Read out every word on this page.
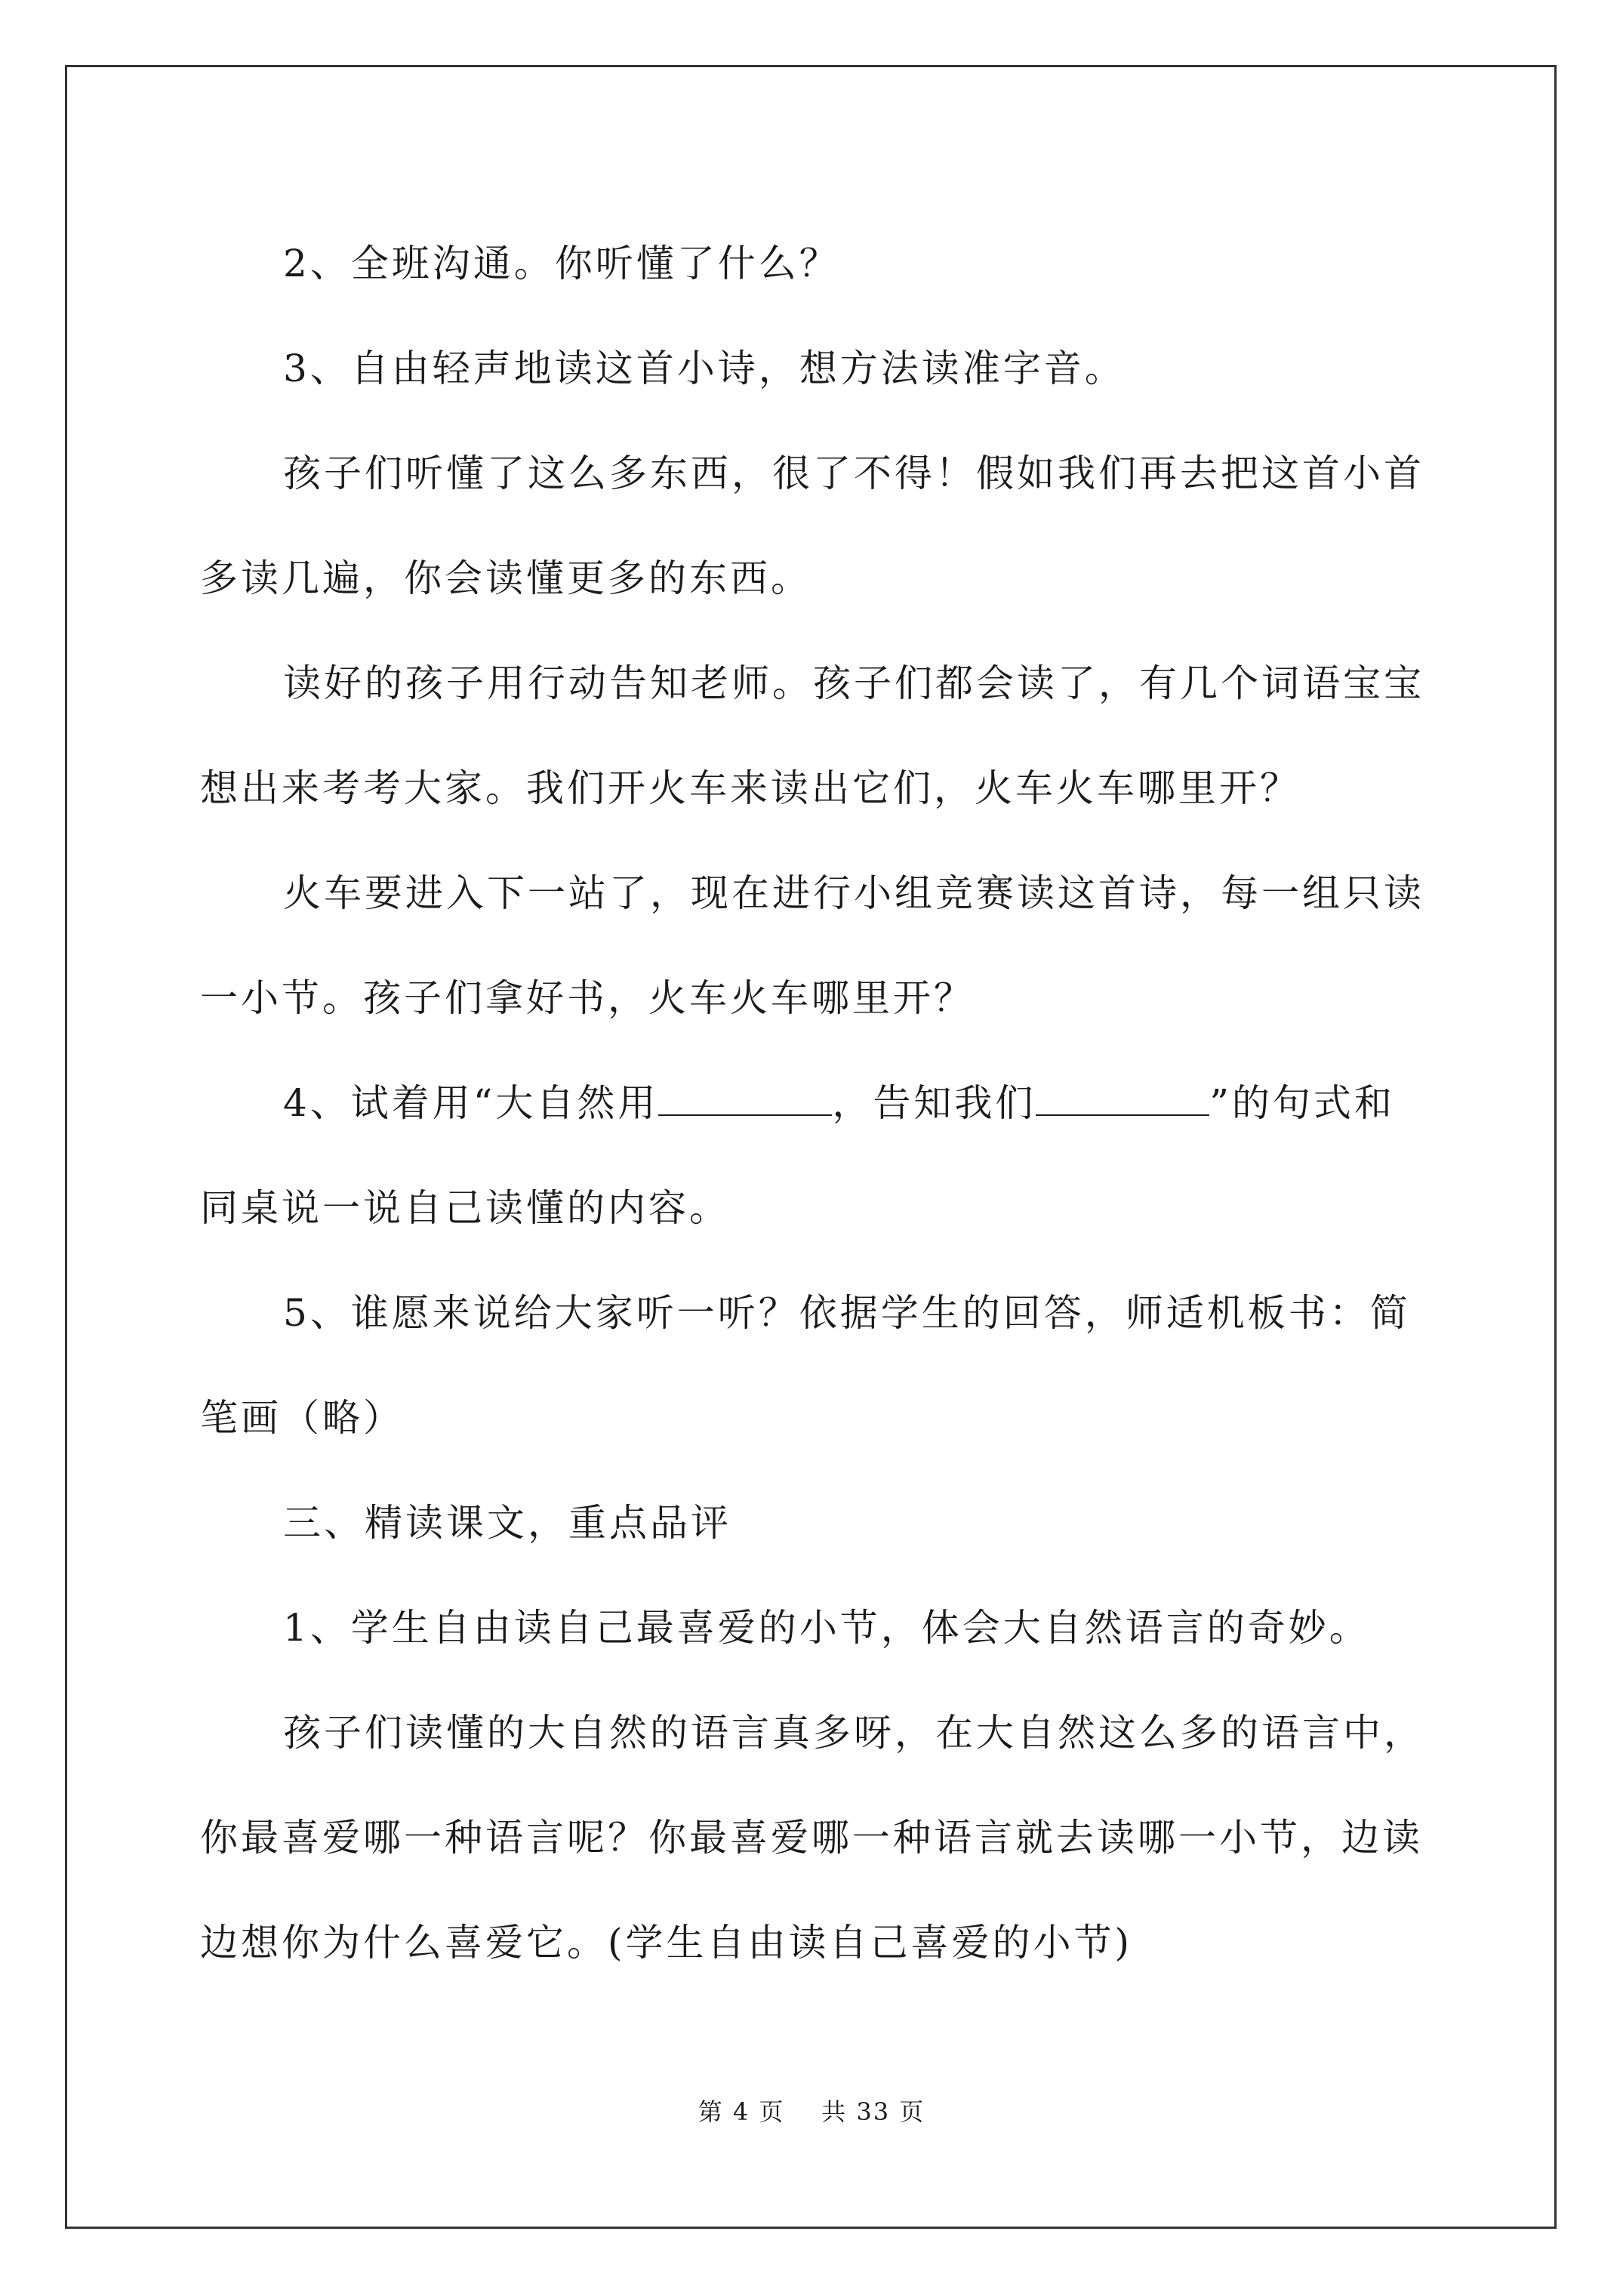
2、全班沟通。你听懂了什么？

3、自由轻声地读这首小诗，想方法读准字音。

孩子们听懂了这么多东西，很了不得！假如我们再去把这首小首多读几遍，你会读懂更多的东西。

读好的孩子用行动告知老师。孩子们都会读了，有几个词语宝宝想出来考考大家。我们开火车来读出它们，火车火车哪里开？

火车要进入下一站了，现在进行小组竞赛读这首诗，每一组只读一小节。孩子们拿好书，火车火车哪里开？

4、试着用“大自然用	，告知我们	”的句式和同桌说一说自己读懂的内容。

5、谁愿来说给大家听一听？依据学生的回答，师适机板书：简笔画（略）

三、精读课文，重点品评

1、学生自由读自己最喜爱的小节，体会大自然语言的奇妙。

孩子们读懂的大自然的语言真多呀，在大自然这么多的语言中，你最喜爱哪一种语言呢？你最喜爱哪一种语言就去读哪一小节，边读边想你为什么喜爱它。(学生自由读自己喜爱的小节)

第 4 页 共 33 页
